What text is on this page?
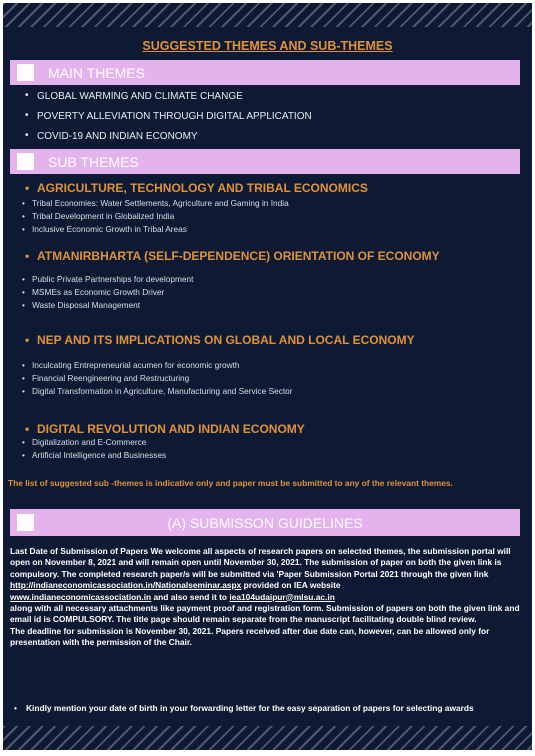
SUGGESTED THEMES AND SUB-THEMES
MAIN THEMES
• GLOBAL WARMING AND CLIMATE CHANGE
• POVERTY ALLEVIATION THROUGH DIGITAL APPLICATION
• COVID-19 AND INDIAN ECONOMY
SUB THEMES
• AGRICULTURE, TECHNOLOGY AND TRIBAL ECONOMICS
• Tribal Economies: Water Settlements, Agriculture and Gaming in India
• Tribal Development in Globalized India
• Inclusive Economic Growth in Tribal Areas
• ATMANIRBHARTA (SELF-DEPENDENCE) ORIENTATION OF ECONOMY
• Public Private Partnerships for development
• MSMEs as Economic Growth Driver
• Waste Disposal Management
• NEP AND ITS IMPLICATIONS ON GLOBAL AND LOCAL ECONOMY
• Inculcating Entrepreneurial acumen for economic growth
• Financial Reengineering and Restructuring
• Digital Transformation in Agriculture, Manufacturing and Service Sector
• DIGITAL REVOLUTION AND INDIAN ECONOMY
• Digitalization and E-Commerce
• Artificial Intelligence and Businesses
The list of suggested sub -themes is indicative only and paper must be submitted to any of the relevant themes.
(A) SUBMISSON GUIDELINES
Last Date of Submission of Papers We welcome all aspects of research papers on selected themes, the submission portal will open on November 8, 2021 and will remain open until November 30, 2021. The submission of paper on both the given link is compulsory. The completed research paper/s will be submitted via 'Paper Submission Portal 2021 through the given link
http://indianeconomicassociation.in/Nationalseminar.aspx provided on IEA website
www.indianeconomicassociation.in and also send it to iea104udaipur@mlsu.ac.in
along with all necessary attachments like payment proof and registration form. Submission of papers on both the given link and email id is COMPULSORY. The title page should remain separate from the manuscript facilitating double blind review.
The deadline for submission is November 30, 2021. Papers received after due date can, however, can be allowed only for presentation with the permission of the Chair.
• Kindly mention your date of birth in your forwarding letter for the easy separation of papers for selecting awards
